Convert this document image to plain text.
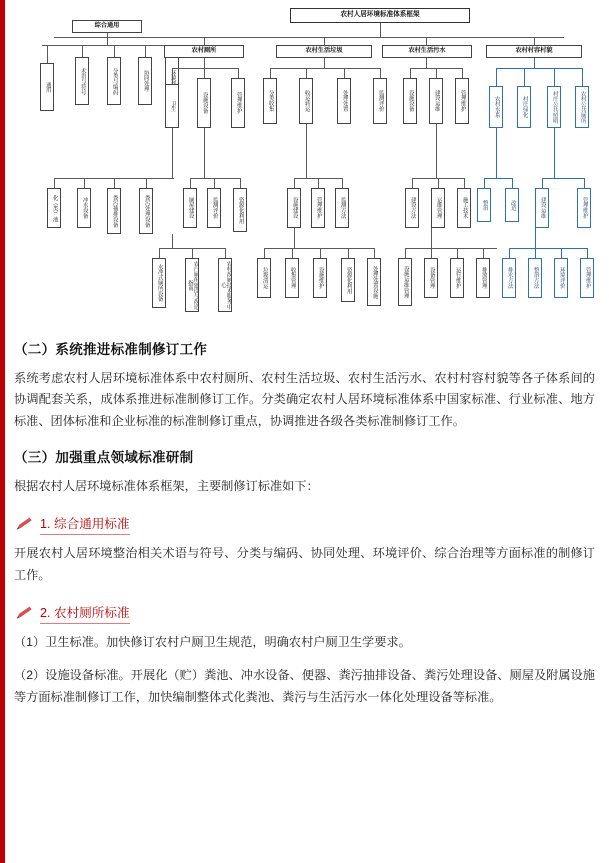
农村人居环境标准体系框架
综合通用
通用	术语与符号	分类与编码	协同处理
农村厕所	农村生活垃圾	农村生活污水	农村村容村貌
卫生	设施设备	管理维护	分类收集	收运转运	处理处置	监测评价	设施设备	建设运维	管理维护	农村水系	村庄绿化	村庄公共照明	农村公共厕所
化（类）池	冲水设备	粪污抽排设备	粪污处理设备	厕屋建设	监测评价	资源化利用	设施建设	管理维护	监测方法	建设方法	运维管理	施工技术	整治	改造	建设运维	管理维护
水冲式厕所设备	农户厕所建设与改造指南	农村改厕技术服务中心	垃圾清运	收集管理	设施维护	资源化利用	处理处置设施	设施运维管理	设备管理	运行维护	排放管理	排水方法	整治方法	环境评价	管理维护
（二）系统推进标准制修订工作

系统考虑农村人居环境标准体系中农村厕所、农村生活垃圾、农村生活污水、农村村容村貌等各子体系间的协调配套关系，成体系推进标准制修订工作。分类确定农村人居环境标准体系中国家标准、行业标准、地方标准、团体标准和企业标准的标准制修订重点，协调推进各级各类标准制修订工作。

（三）加强重点领域标准研制

根据农村人居环境标准体系框架，主要制修订标准如下：

1. 综合通用标准

开展农村人居环境整治相关术语与符号、分类与编码、协同处理、环境评价、综合治理等方面标准的制修订工作。

2. 农村厕所标准

（1）卫生标准。加快修订农村户厕卫生规范，明确农村户厕卫生学要求。

（2）设施设备标准。开展化（贮）粪池、冲水设备、便器、粪污抽排设备、粪污处理设备、厕屋及附属设施等方面标准制修订工作，加快编制整体式化粪池、粪污与生活污水一体化处理设备等标准。
